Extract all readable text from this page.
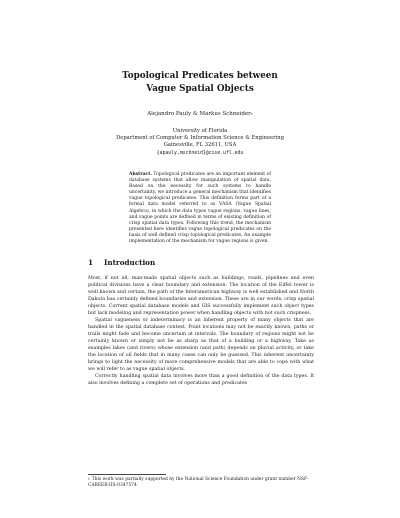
Topological Predicates between
Vague Spatial Objects
Alejandro Pauly & Markus Schneider*
University of Florida
Department of Computer & Information Science & Engineering
Gainesville, FL 32611, USA
{apauly,mschneid}@cise.ufl.edu
Abstract. Topological predicates are an important element of database systems that allow manipulation of spatial data. Based on the necessity for such systems to handle uncertainty, we introduce a general mechanism that identifies vague topological predicates. This definition forms part of a formal data model referred to as VASA (Vague Spatial Algebra), in which the data types vague regions, vague lines, and vague points are defined in terms of existing definition of crisp spatial data types. Following this trend, the mechanism presented here identifies vague topological predicates on the basis of well defined crisp topological predicates. An example implementation of the mechanism for vague regions is given.
1 Introduction

Most, if not all, man-made spatial objects such as buildings, roads, pipelines and even political divisions have a clear boundary and extension. The location of the Eiffel tower is well known and certain, the path of the Interamerican highway is well established and North Dakota has certainly defined boundaries and extension. These are in our words, crisp spatial objects. Current spatial database models and GIS successfully implement such object types but lack modeling and representation power when handling objects with not such crispness.

Spatial vagueness or indeterminacy is an inherent property of many objects that are handled in the spatial database context. Point locations may not be exactly known, paths or trails might fade and become uncertain at intervals. The boundary of regions might not be certainly known or simply not be as sharp as that of a building or a highway. Take as examples lakes (and rivers) whose extension (and path) depends on pluvial activity, or take the location of oil fields that in many cases can only be guessed. This inherent uncertainty brings to light the necessity of more comprehensive models that are able to cope with what we will refer to as vague spatial objects.

Correctly handling spatial data involves more than a good definition of the data types. It also involves defining a complete set of operations and predicates

* This work was partially supported by the National Science Foundation under grant number NSF-CAREER-IIS-0347574.
